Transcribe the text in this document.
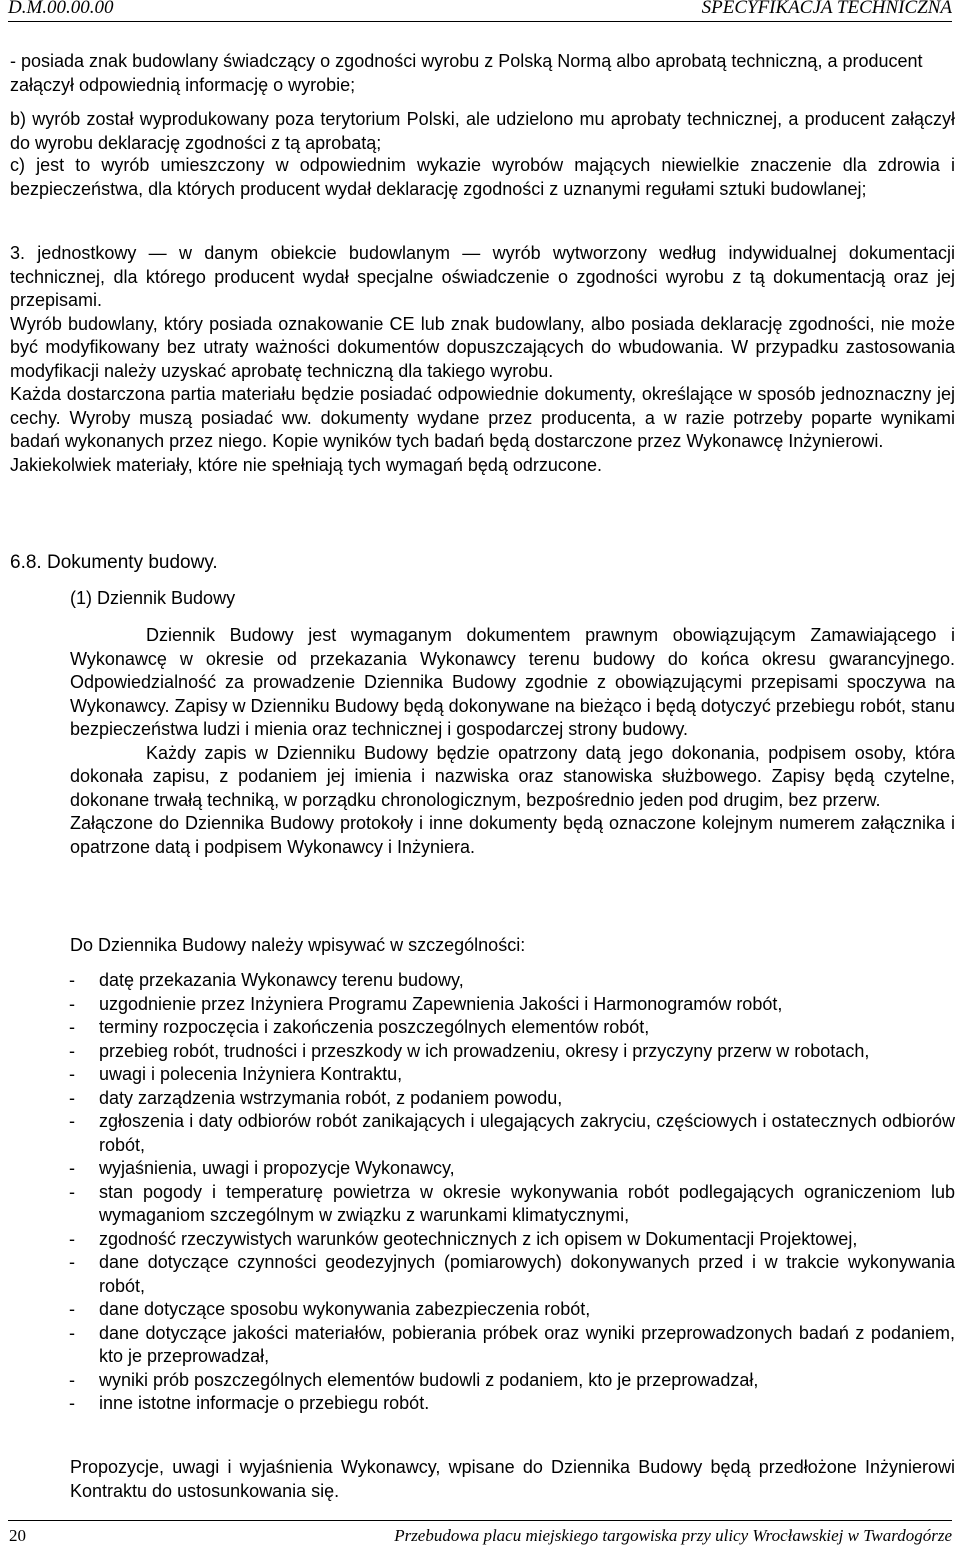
D.M.00.00.00	SPECYFIKACJA TECHNICZNA

- posiada znak budowlany świadczący o zgodności wyrobu z Polską Normą albo aprobatą techniczną, a producent załączył odpowiednią informację o wyrobie;

b) wyrób został wyprodukowany poza terytorium Polski, ale udzielono mu aprobaty technicznej, a producent załączył do wyrobu deklarację zgodności z tą aprobatą;

c) jest to wyrób umieszczony w odpowiednim wykazie wyrobów mających niewielkie znaczenie dla zdrowia i bezpieczeństwa, dla których producent wydał deklarację zgodności z uznanymi regułami sztuki budowlanej;

3. jednostkowy — w danym obiekcie budowlanym — wyrób wytworzony według indywidualnej dokumentacji technicznej, dla którego producent wydał specjalne oświadczenie o zgodności wyrobu z tą dokumentacją oraz jej przepisami.

Wyrób budowlany, który posiada oznakowanie CE lub znak budowlany, albo posiada deklarację zgodności, nie może być modyfikowany bez utraty ważności dokumentów dopuszczających do wbudowania. W przypadku zastosowania modyfikacji należy uzyskać aprobatę techniczną dla takiego wyrobu.

Każda dostarczona partia materiału będzie posiadać odpowiednie dokumenty, określające w sposób jednoznaczny jej cechy. Wyroby muszą posiadać ww. dokumenty wydane przez producenta, a w razie potrzeby poparte wynikami badań wykonanych przez niego. Kopie wyników tych badań będą dostarczone przez Wykonawcę Inżynierowi.

Jakiekolwiek materiały, które nie spełniają tych wymagań będą odrzucone.

6.8. Dokumenty budowy.
(1) Dziennik Budowy

Dziennik Budowy jest wymaganym dokumentem prawnym obowiązującym Zamawiającego i Wykonawcę w okresie od przekazania Wykonawcy terenu budowy do końca okresu gwarancyjnego. Odpowiedzialność za prowadzenie Dziennika Budowy zgodnie z obowiązującymi przepisami spoczywa na Wykonawcy. Zapisy w Dzienniku Budowy będą dokonywane na bieżąco i będą dotyczyć przebiegu robót, stanu bezpieczeństwa ludzi i mienia oraz technicznej i gospodarczej strony budowy.

Każdy zapis w Dzienniku Budowy będzie opatrzony datą jego dokonania, podpisem osoby, która dokonała zapisu, z podaniem jej imienia i nazwiska oraz stanowiska służbowego. Zapisy będą czytelne, dokonane trwałą techniką, w porządku chronologicznym, bezpośrednio jeden pod drugim, bez przerw.

Załączone do Dziennika Budowy protokoły i inne dokumenty będą oznaczone kolejnym numerem załącznika i opatrzone datą i podpisem Wykonawcy i Inżyniera.

Do Dziennika Budowy należy wpisywać w szczególności:
- datę przekazania Wykonawcy terenu budowy,
- uzgodnienie przez Inżyniera Programu Zapewnienia Jakości i Harmonogramów robót,
- terminy rozpoczęcia i zakończenia poszczególnych elementów robót,
- przebieg robót, trudności i przeszkody w ich prowadzeniu, okresy i przyczyny przerw w robotach,
- uwagi i polecenia Inżyniera Kontraktu,
- daty zarządzenia wstrzymania robót, z podaniem powodu,
- zgłoszenia i daty odbiorów robót zanikających i ulegających zakryciu, częściowych i ostatecznych odbiorów robót,
- wyjaśnienia, uwagi i propozycje Wykonawcy,
- stan pogody i temperaturę powietrza w okresie wykonywania robót podlegających ograniczeniom lub wymaganiom szczególnym w związku z warunkami klimatycznymi,
- zgodność rzeczywistych warunków geotechnicznych z ich opisem w Dokumentacji Projektowej,
- dane dotyczące czynności geodezyjnych (pomiarowych) dokonywanych przed i w trakcie wykonywania robót,
- dane dotyczące sposobu wykonywania zabezpieczenia robót,
- dane dotyczące jakości materiałów, pobierania próbek oraz wyniki przeprowadzonych badań z podaniem, kto je przeprowadzał,
- wyniki prób poszczególnych elementów budowli z podaniem, kto je przeprowadzał,
- inne istotne informacje o przebiegu robót.
Propozycje, uwagi i wyjaśnienia Wykonawcy, wpisane do Dziennika Budowy będą przedłożone Inżynierowi Kontraktu do ustosunkowania się.
20	Przebudowa placu miejskiego targowiska przy ulicy Wrocławskiej w Twardogórze
